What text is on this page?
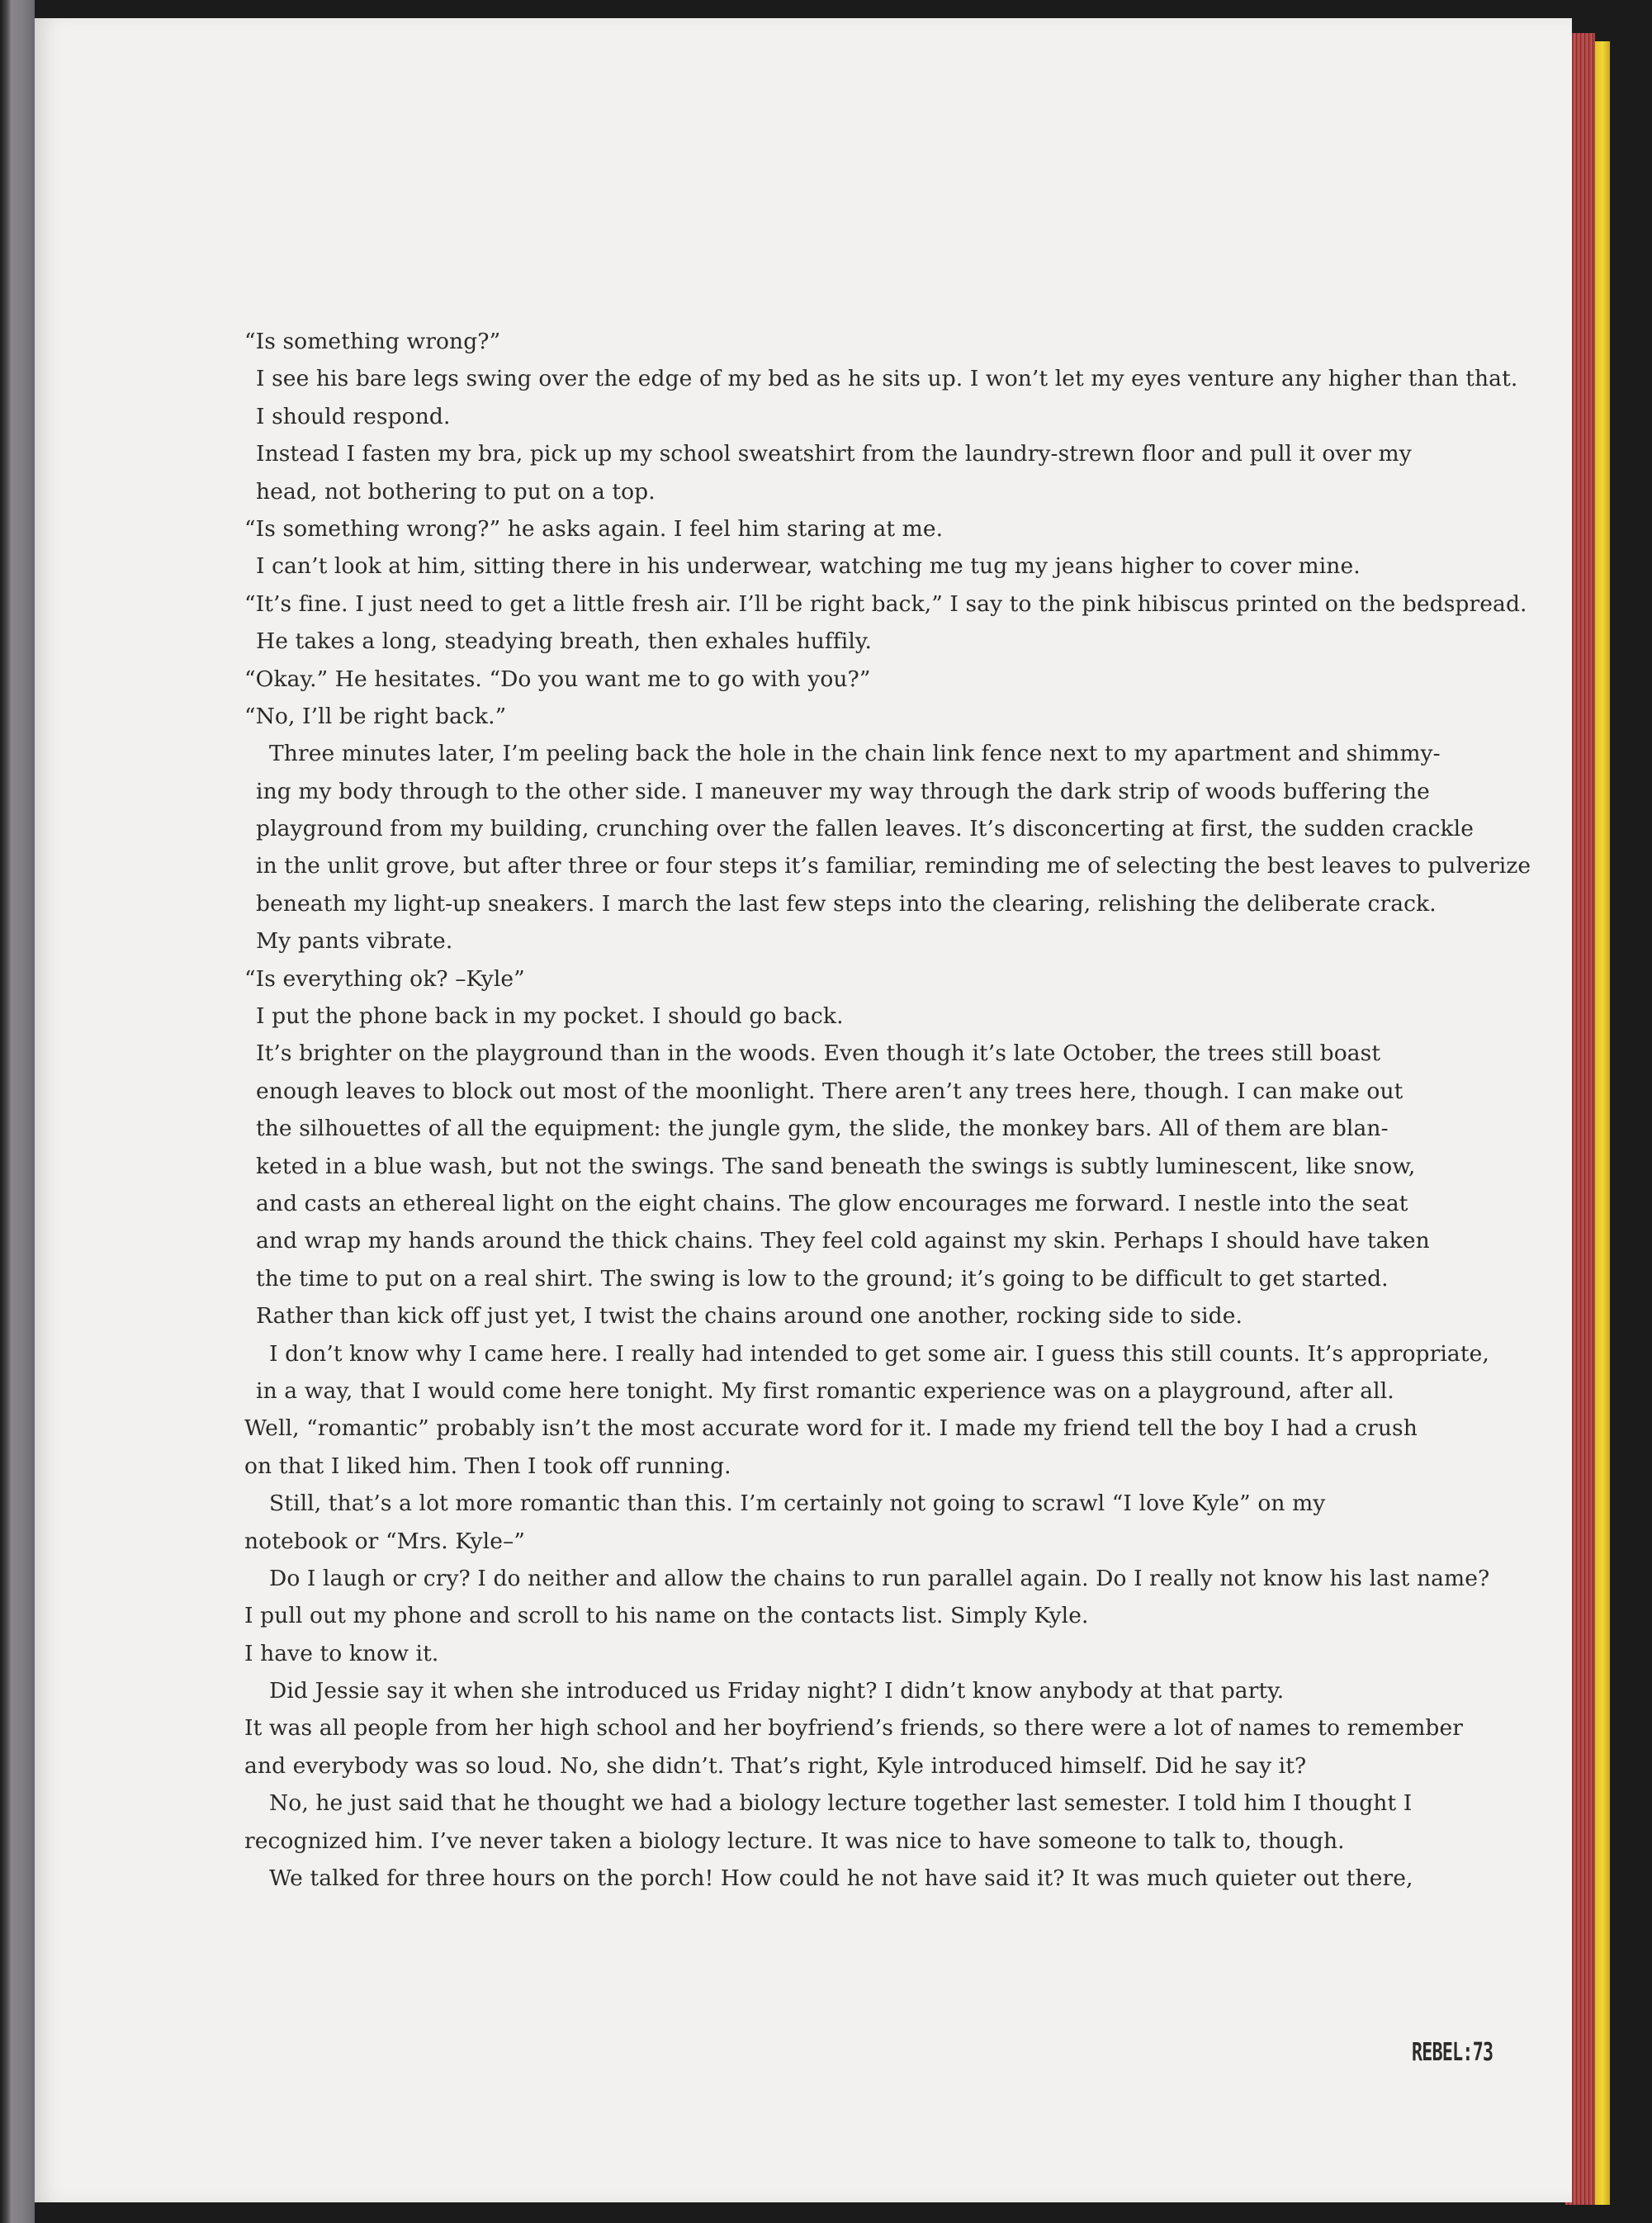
“Is something wrong?”
I see his bare legs swing over the edge of my bed as he sits up. I won’t let my eyes venture any higher than that.
I should respond.
Instead I fasten my bra, pick up my school sweatshirt from the laundry-strewn floor and pull it over my
head, not bothering to put on a top.
“Is something wrong?” he asks again. I feel him staring at me.
I can’t look at him, sitting there in his underwear, watching me tug my jeans higher to cover mine.
“It’s fine. I just need to get a little fresh air. I’ll be right back,” I say to the pink hibiscus printed on the bedspread.
He takes a long, steadying breath, then exhales huffily.
“Okay.” He hesitates. “Do you want me to go with you?”
“No, I’ll be right back.”
Three minutes later, I’m peeling back the hole in the chain link fence next to my apartment and shimmy-
ing my body through to the other side. I maneuver my way through the dark strip of woods buffering the
playground from my building, crunching over the fallen leaves. It’s disconcerting at first, the sudden crackle
in the unlit grove, but after three or four steps it’s familiar, reminding me of selecting the best leaves to pulverize
beneath my light-up sneakers. I march the last few steps into the clearing, relishing the deliberate crack.
My pants vibrate.
“Is everything ok? –Kyle”
I put the phone back in my pocket. I should go back.
It’s brighter on the playground than in the woods. Even though it’s late October, the trees still boast
enough leaves to block out most of the moonlight. There aren’t any trees here, though. I can make out
the silhouettes of all the equipment: the jungle gym, the slide, the monkey bars. All of them are blan-
keted in a blue wash, but not the swings. The sand beneath the swings is subtly luminescent, like snow,
and casts an ethereal light on the eight chains. The glow encourages me forward. I nestle into the seat
and wrap my hands around the thick chains. They feel cold against my skin. Perhaps I should have taken
the time to put on a real shirt. The swing is low to the ground; it’s going to be difficult to get started.
Rather than kick off just yet, I twist the chains around one another, rocking side to side.
I don’t know why I came here. I really had intended to get some air. I guess this still counts. It’s appropriate,
in a way, that I would come here tonight. My first romantic experience was on a playground, after all.
Well, “romantic” probably isn’t the most accurate word for it. I made my friend tell the boy I had a crush
on that I liked him. Then I took off running.
Still, that’s a lot more romantic than this. I’m certainly not going to scrawl “I love Kyle” on my
notebook or “Mrs. Kyle–”
Do I laugh or cry? I do neither and allow the chains to run parallel again. Do I really not know his last name?
I pull out my phone and scroll to his name on the contacts list. Simply Kyle.
I have to know it.
Did Jessie say it when she introduced us Friday night? I didn’t know anybody at that party.
It was all people from her high school and her boyfriend’s friends, so there were a lot of names to remember
and everybody was so loud. No, she didn’t. That’s right, Kyle introduced himself. Did he say it?
No, he just said that he thought we had a biology lecture together last semester. I told him I thought I
recognized him. I’ve never taken a biology lecture. It was nice to have someone to talk to, though.
We talked for three hours on the porch! How could he not have said it? It was much quieter out there,
REBEL:73
